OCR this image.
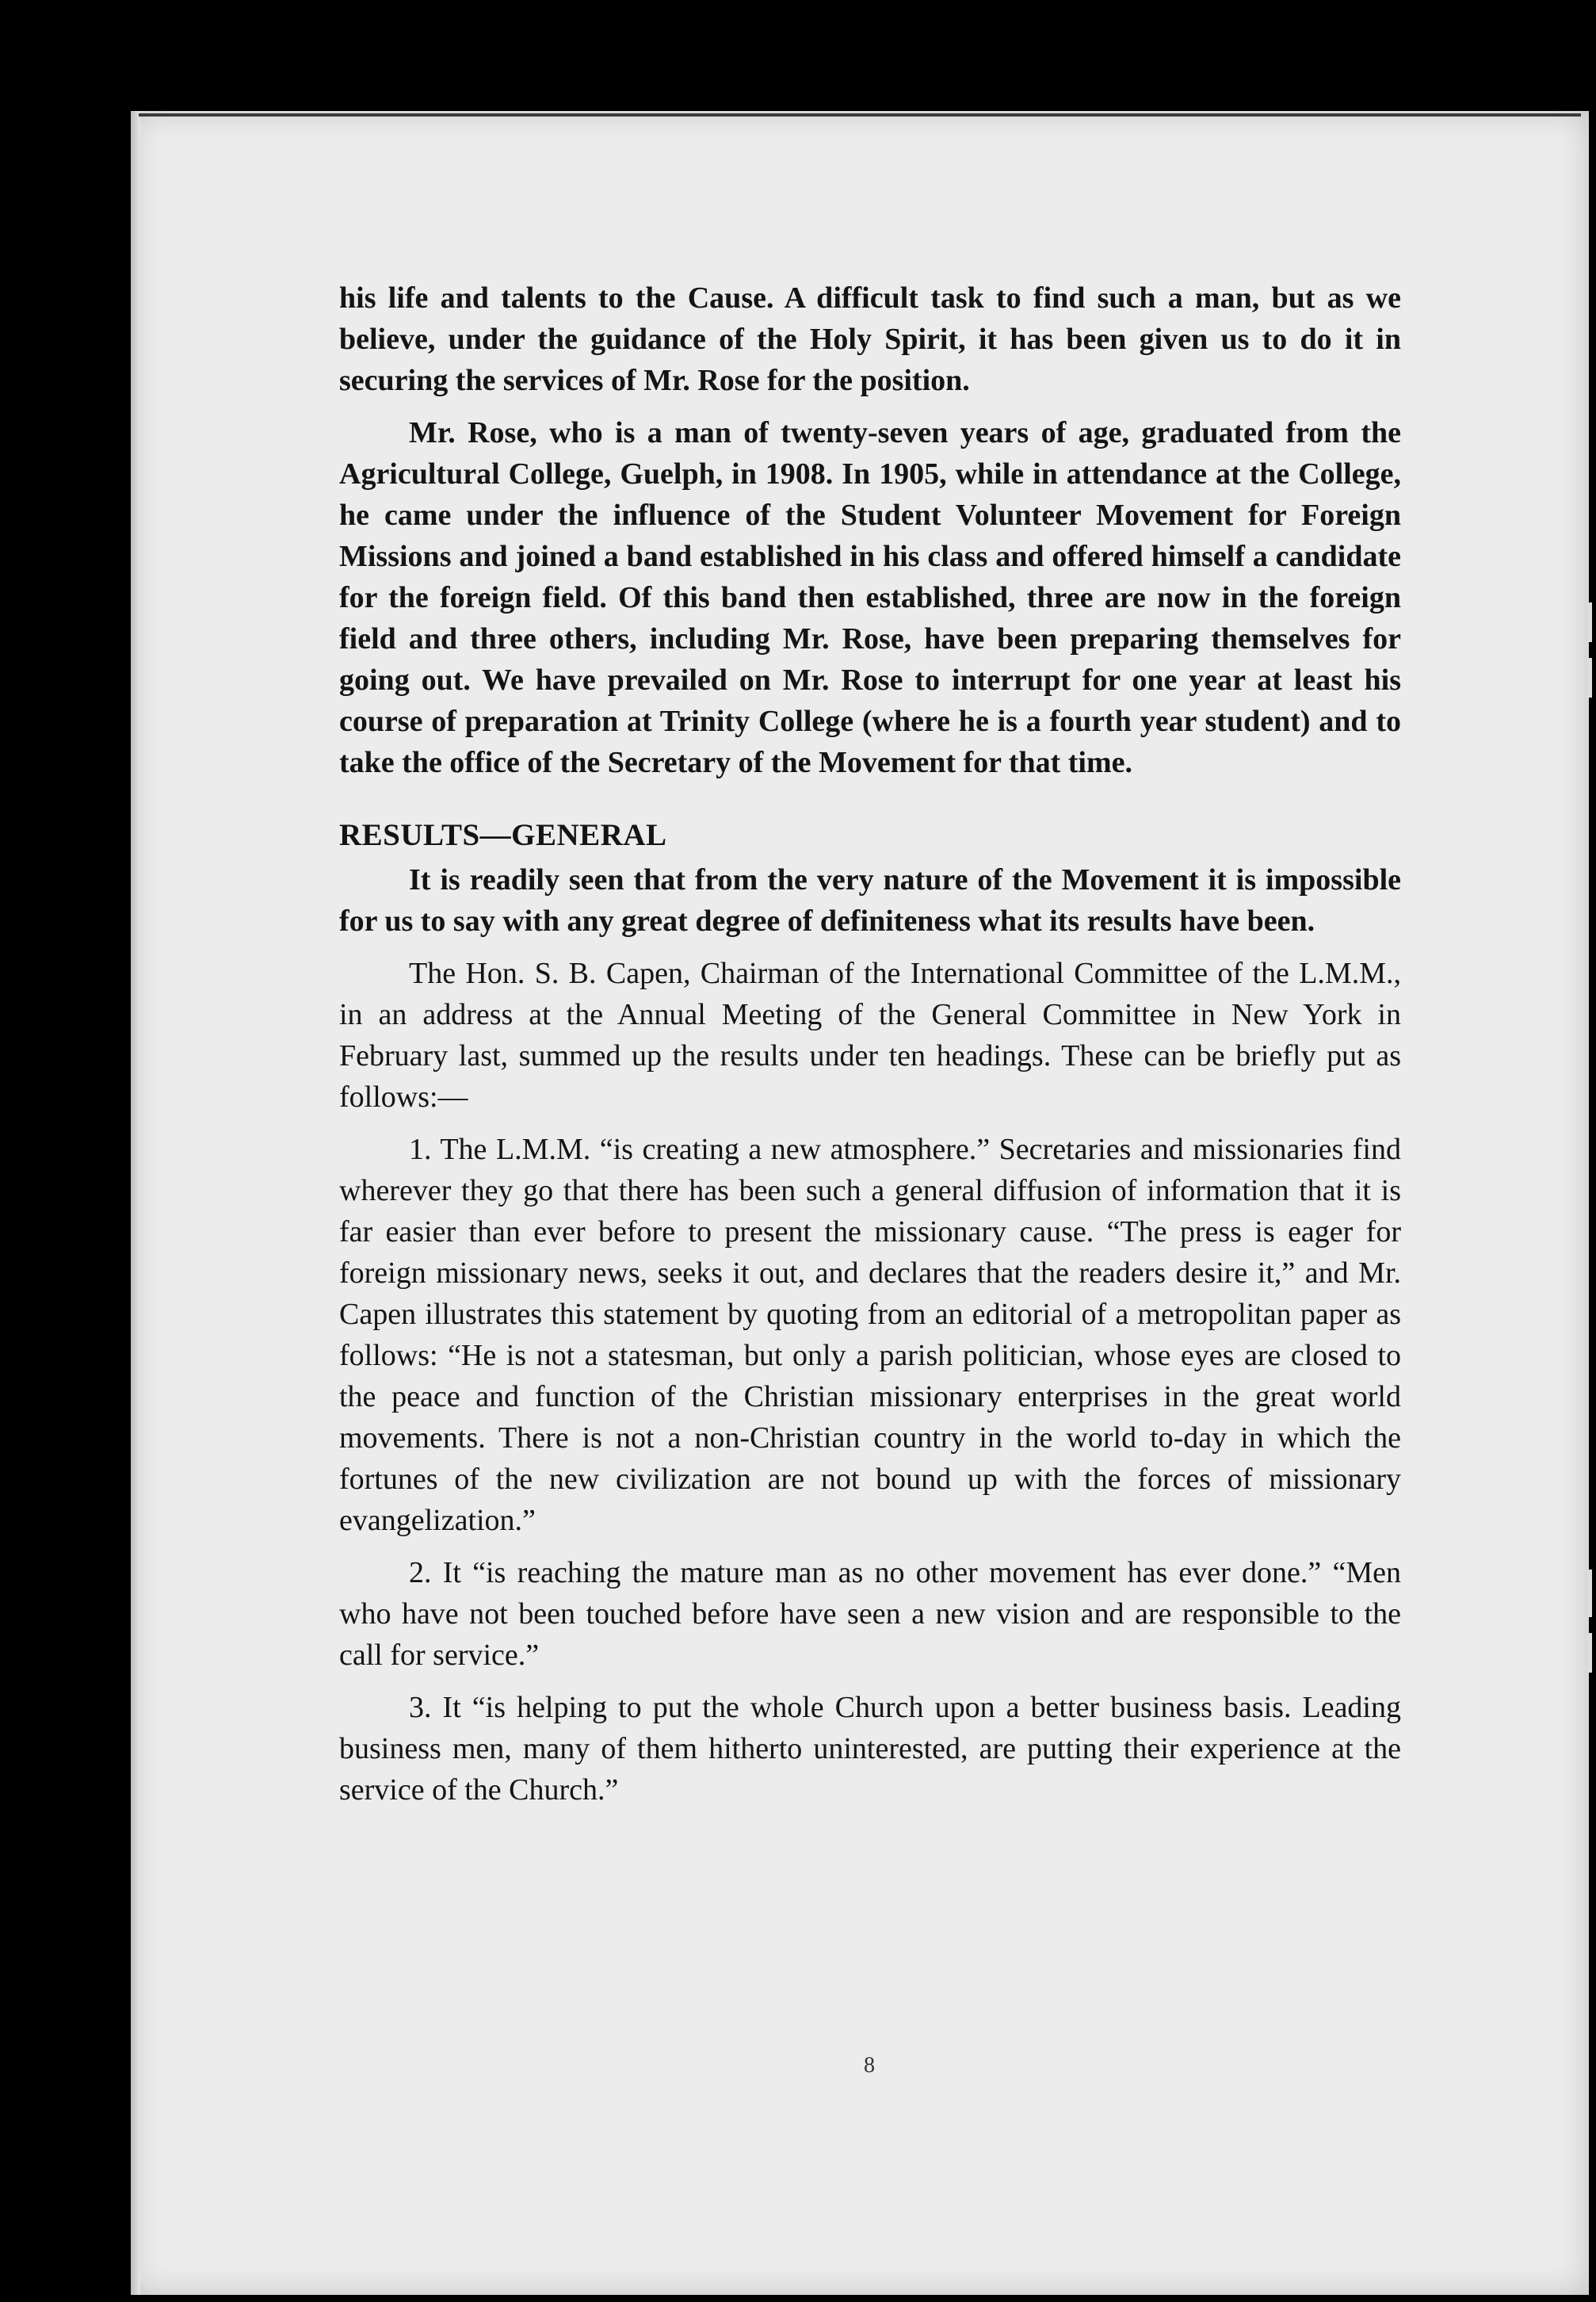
his life and talents to the Cause. A difficult task to find such a man, but as we believe, under the guidance of the Holy Spirit, it has been given us to do it in securing the services of Mr. Rose for the position.

Mr. Rose, who is a man of twenty-seven years of age, graduated from the Agricultural College, Guelph, in 1908. In 1905, while in attendance at the College, he came under the influence of the Student Volunteer Movement for Foreign Missions and joined a band established in his class and offered himself a candidate for the foreign field. Of this band then established, three are now in the foreign field and three others, including Mr. Rose, have been preparing themselves for going out. We have prevailed on Mr. Rose to interrupt for one year at least his course of preparation at Trinity College (where he is a fourth year student) and to take the office of the Secretary of the Movement for that time.

RESULTS—GENERAL

It is readily seen that from the very nature of the Movement it is impossible for us to say with any great degree of definiteness what its results have been.

The Hon. S. B. Capen, Chairman of the International Committee of the L.M.M., in an address at the Annual Meeting of the General Committee in New York in February last, summed up the results under ten headings. These can be briefly put as follows:—

1. The L.M.M. “is creating a new atmosphere.” Secretaries and missionaries find wherever they go that there has been such a general diffusion of information that it is far easier than ever before to present the missionary cause. “The press is eager for foreign missionary news, seeks it out, and declares that the readers desire it,” and Mr. Capen illustrates this statement by quoting from an editorial of a metropolitan paper as follows: “He is not a statesman, but only a parish politician, whose eyes are closed to the peace and function of the Christian missionary enterprises in the great world movements. There is not a non-Christian country in the world to-day in which the fortunes of the new civilization are not bound up with the forces of missionary evangelization.”

2. It “is reaching the mature man as no other movement has ever done.” “Men who have not been touched before have seen a new vision and are responsible to the call for service.”

3. It “is helping to put the whole Church upon a better business basis. Leading business men, many of them hitherto uninterested, are putting their experience at the service of the Church.”

8
